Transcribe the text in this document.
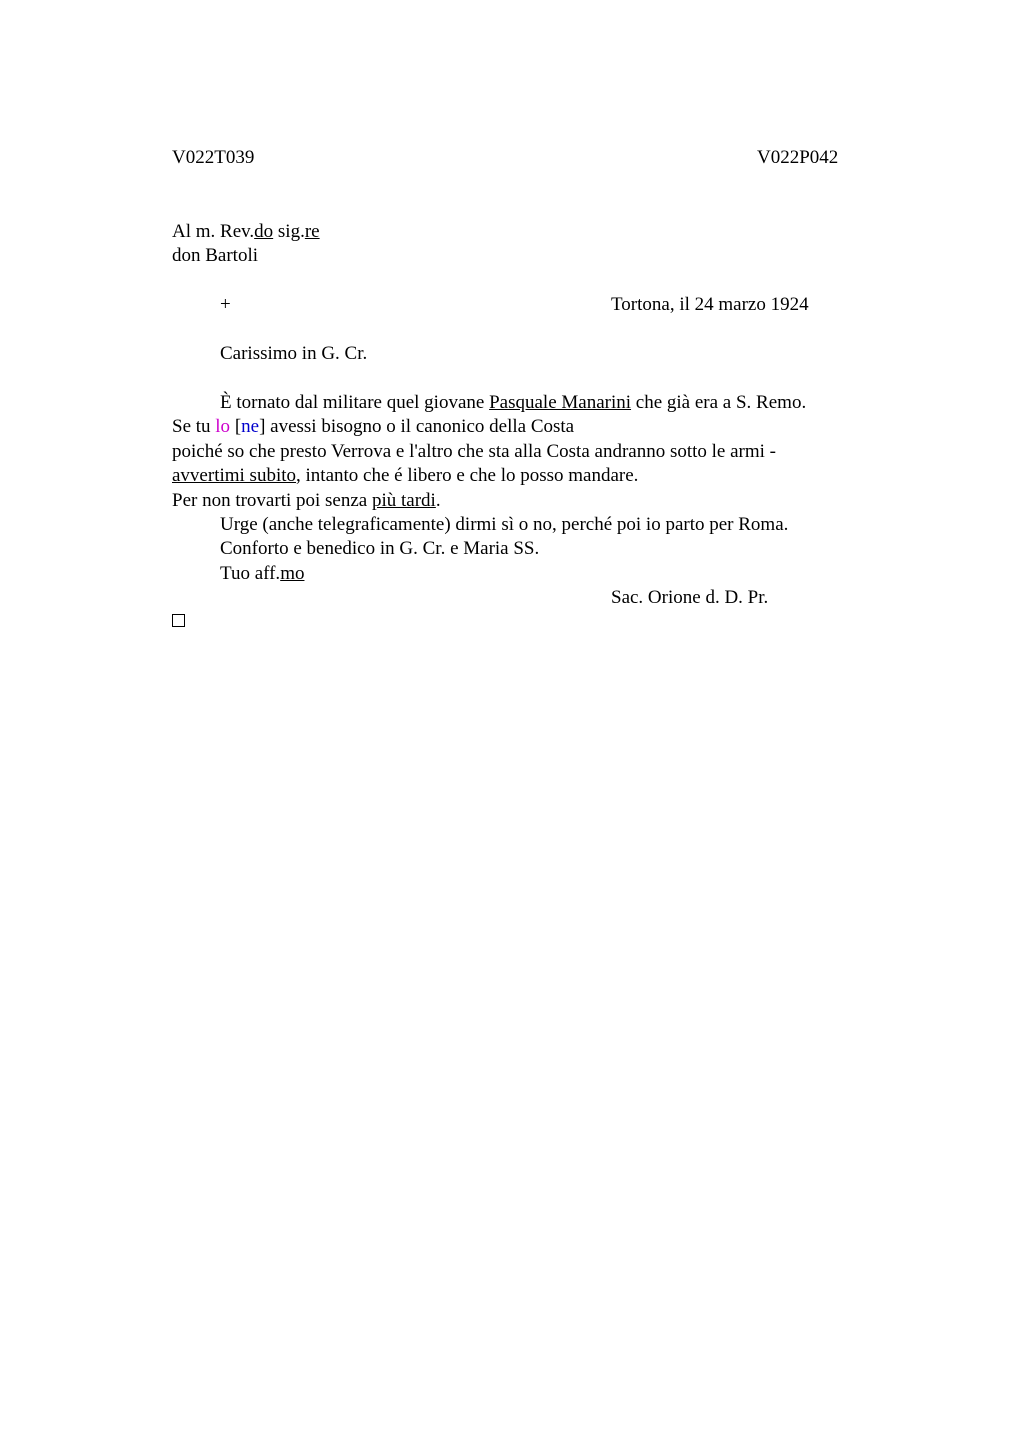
V022T039	V022P042
Al m. Rev.do sig.re
don Bartoli
+	Tortona, il 24 marzo 1924
Carissimo in G. Cr.
È tornato dal militare quel giovane Pasquale Manarini che già era a S. Remo.
Se tu lo [ne] avessi bisogno o il canonico della Costa
poiché so che presto Verrova e l'altro che sta alla Costa andranno sotto le armi -
avvertimi subito, intanto che é libero e che lo posso mandare.
Per non trovarti poi senza più tardi.
Urge (anche telegraficamente) dirmi sì o no, perché poi io parto per Roma.
Conforto e benedico in G. Cr. e Maria SS.
Tuo aff.mo
Sac. Orione d. D. Pr.
